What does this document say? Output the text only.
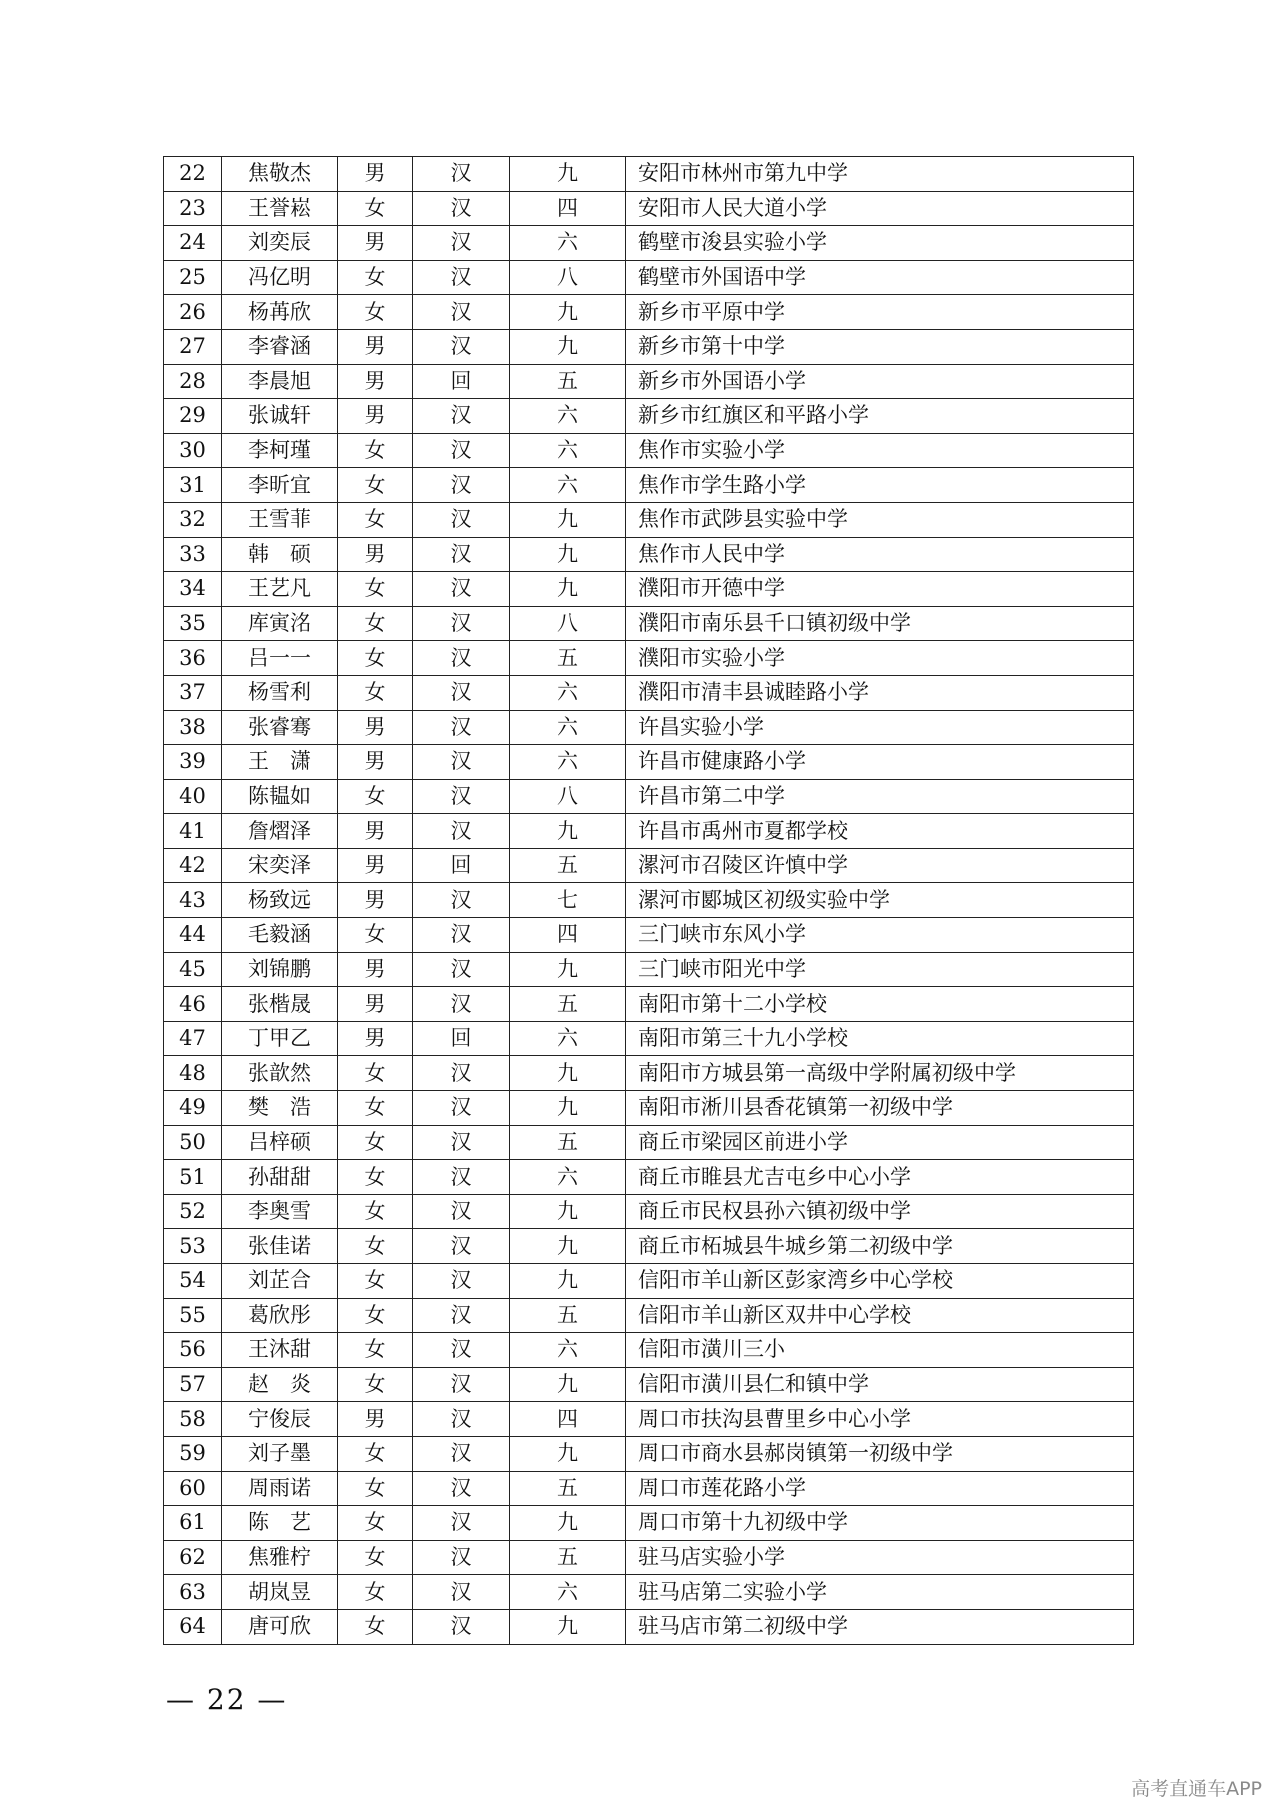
22	焦敬杰	男	汉	九	安阳市林州市第九中学
23	王誉崧	女	汉	四	安阳市人民大道小学
24	刘奕辰	男	汉	六	鹤壁市浚县实验小学
25	冯亿明	女	汉	八	鹤壁市外国语中学
26	杨苒欣	女	汉	九	新乡市平原中学
27	李睿涵	男	汉	九	新乡市第十中学
28	李晨旭	男	回	五	新乡市外国语小学
29	张诚轩	男	汉	六	新乡市红旗区和平路小学
30	李柯瑾	女	汉	六	焦作市实验小学
31	李昕宜	女	汉	六	焦作市学生路小学
32	王雪菲	女	汉	九	焦作市武陟县实验中学
33	韩　硕	男	汉	九	焦作市人民中学
34	王艺凡	女	汉	九	濮阳市开德中学
35	库寅洺	女	汉	八	濮阳市南乐县千口镇初级中学
36	吕一一	女	汉	五	濮阳市实验小学
37	杨雪利	女	汉	六	濮阳市清丰县诚睦路小学
38	张睿骞	男	汉	六	许昌实验小学
39	王　潇	男	汉	六	许昌市健康路小学
40	陈韫如	女	汉	八	许昌市第二中学
41	詹熠泽	男	汉	九	许昌市禹州市夏都学校
42	宋奕泽	男	回	五	漯河市召陵区许慎中学
43	杨致远	男	汉	七	漯河市郾城区初级实验中学
44	毛毅涵	女	汉	四	三门峡市东风小学
45	刘锦鹏	男	汉	九	三门峡市阳光中学
46	张楷晟	男	汉	五	南阳市第十二小学校
47	丁甲乙	男	回	六	南阳市第三十九小学校
48	张歆然	女	汉	九	南阳市方城县第一高级中学附属初级中学
49	樊　浩	女	汉	九	南阳市淅川县香花镇第一初级中学
50	吕梓硕	女	汉	五	商丘市梁园区前进小学
51	孙甜甜	女	汉	六	商丘市睢县尤吉屯乡中心小学
52	李奥雪	女	汉	九	商丘市民权县孙六镇初级中学
53	张佳诺	女	汉	九	商丘市柘城县牛城乡第二初级中学
54	刘芷合	女	汉	九	信阳市羊山新区彭家湾乡中心学校
55	葛欣彤	女	汉	五	信阳市羊山新区双井中心学校
56	王沐甜	女	汉	六	信阳市潢川三小
57	赵　炎	女	汉	九	信阳市潢川县仁和镇中学
58	宁俊辰	男	汉	四	周口市扶沟县曹里乡中心小学
59	刘子墨	女	汉	九	周口市商水县郝岗镇第一初级中学
60	周雨诺	女	汉	五	周口市莲花路小学
61	陈　艺	女	汉	九	周口市第十九初级中学
62	焦雅柠	女	汉	五	驻马店实验小学
63	胡岚昱	女	汉	六	驻马店第二实验小学
64	唐可欣	女	汉	九	驻马店市第二初级中学
— 22 —
高考直通车APP
